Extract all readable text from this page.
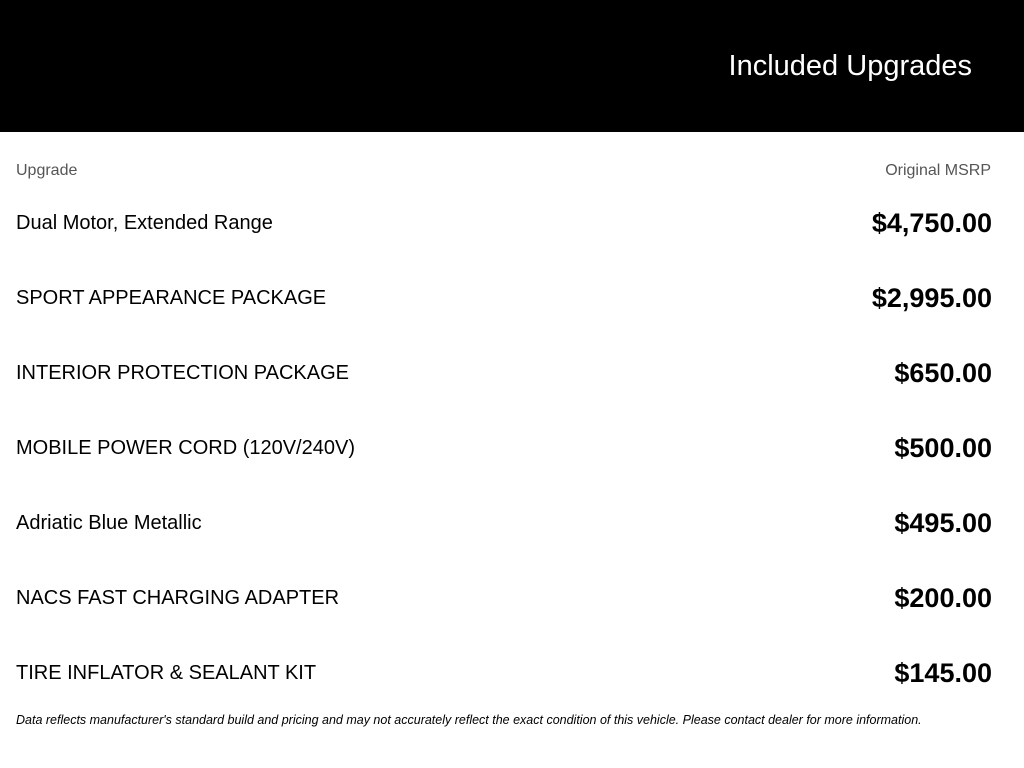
Included Upgrades
Upgrade	Original MSRP
Dual Motor, Extended Range	$4,750.00
SPORT APPEARANCE PACKAGE	$2,995.00
INTERIOR PROTECTION PACKAGE	$650.00
MOBILE POWER CORD (120V/240V)	$500.00
Adriatic Blue Metallic	$495.00
NACS FAST CHARGING ADAPTER	$200.00
TIRE INFLATOR & SEALANT KIT	$145.00
Data reflects manufacturer's standard build and pricing and may not accurately reflect the exact condition of this vehicle. Please contact dealer for more information.
